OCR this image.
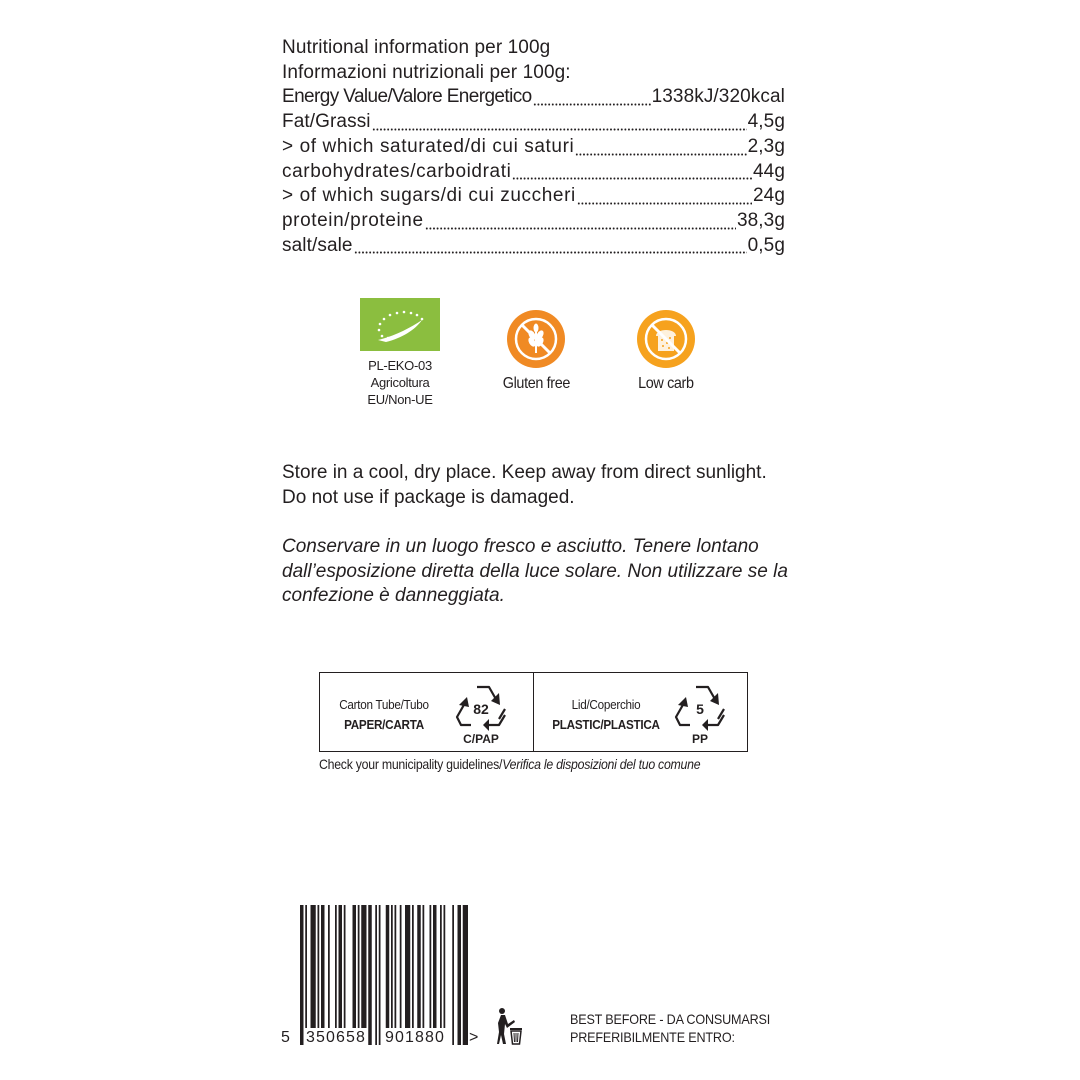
Nutritional information per 100g
Informazioni nutrizionali per 100g:
Energy Value/Valore Energetico	1338kJ/320kcal
Fat/Grassi	4,5g
> of which saturated/di cui saturi	2,3g
carbohydrates/carboidrati	44g
> of which sugars/di cui zuccheri	24g
protein/proteine	38,3g
salt/sale	0,5g
PL-EKO-03
Agricoltura
EU/Non-UE
Gluten free	Low carb
Store in a cool, dry place. Keep away from direct sunlight. Do not use if package is damaged.
Conservare in un luogo fresco e asciutto. Tenere lontano dall’esposizione diretta della luce solare. Non utilizzare se la confezione è danneggiata.
Carton Tube/Tubo
PAPER/CARTA
82
C/PAP
Lid/Coperchio
PLASTIC/PLASTICA
5
PP
Check your municipality guidelines/Verifica le disposizioni del tuo comune
5 350658 901880 >
BEST BEFORE - DA CONSUMARSI
PREFERIBILMENTE ENTRO:
